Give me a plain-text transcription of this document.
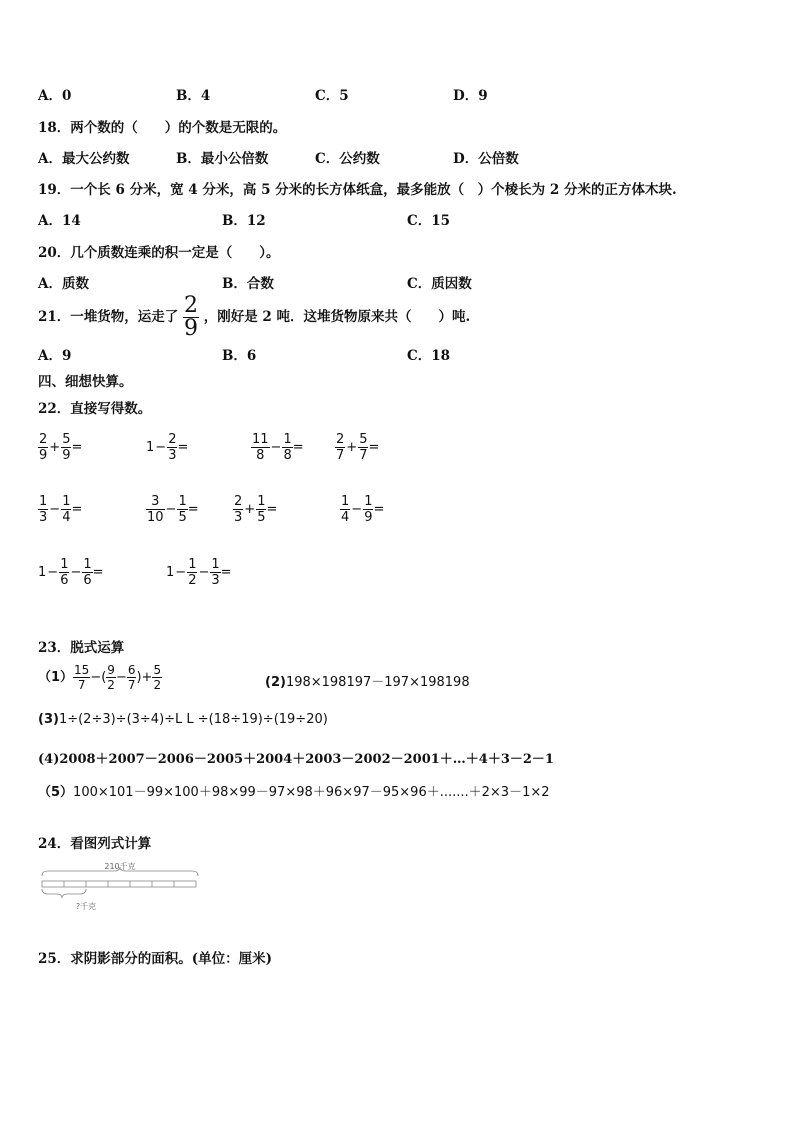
A．0	B．4	C．5	D．9
18．两个数的（　　）的个数是无限的。
A．最大公约数	B．最小公倍数	C．公约数	D．公倍数
19．一个长 6 分米，宽 4 分米，高 5 分米的长方体纸盒，最多能放（　）个棱长为 2 分米的正方体木块.
A．14	B．12	C．15
20．几个质数连乘的积一定是（　　）。
A．质数	B．合数	C．质因数
21．一堆货物，运走了 $\frac{2}{9}$ ，刚好是 2 吨．这堆货物原来共（　　）吨.
A．9	B．6	C．18
四、细想快算。
22．直接写得数。
$\frac{2}{9} + \frac{5}{9}$ =	$1- \frac{2}{3}$ =	$\frac{11}{8} - \frac{1}{8} = \frac{2}{7} + \frac{5}{7}$ =
$\frac{1}{3} - \frac{1}{4}$ =	$\frac{3}{10} - \frac{1}{5}$ =	$\frac{2}{3} + \frac{1}{5}$ =	$\frac{1}{4} - \frac{1}{9}$ =
$1- \frac{1}{6} - \frac{1}{6}$ =	$1- \frac{1}{2} - \frac{1}{3}$ =
23．脱式运算
$(1) \frac{15}{7}$ −( $\frac{9}{2} - \frac{6}{7}$ )+ $\frac{5}{2}$	(2)198×198197－197×198198
(3)1÷(2÷3)÷(3÷4)÷L L ÷(18÷19)÷(19÷20)
(4)2008＋2007－2006－2005＋2004＋2003－2002－2001＋…＋4＋3－2－1
（5）100×101－99×100＋98×99－97×98＋96×97－95×96＋.......＋2×3－1×2
24．看图列式计算
210千克
?千克
25．求阴影部分的面积。(单位：厘米)
